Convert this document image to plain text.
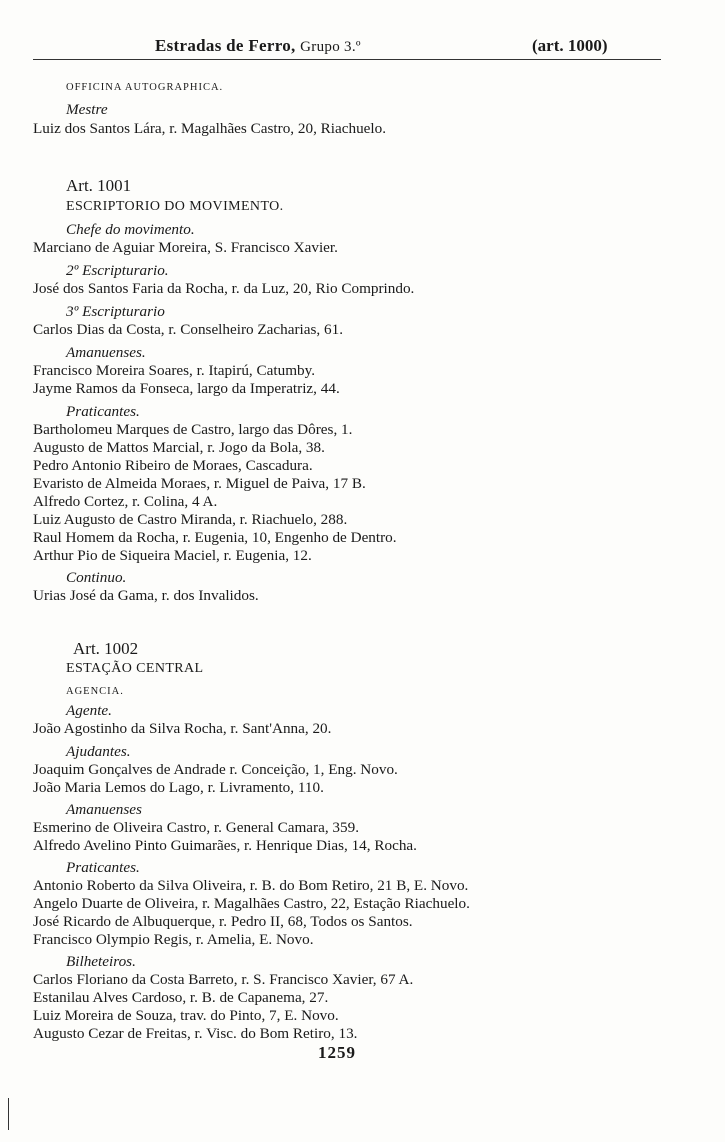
Estradas de Ferro, Grupo 3.º	(art. 1000)
OFFICINA AUTOGRAPHICA.
Mestre
Luiz dos Santos Lára, r. Magalhães Castro, 20, Riachuelo.
Art. 1001
ESCRIPTORIO DO MOVIMENTO.
Chefe do movimento.
Marciano de Aguiar Moreira, S. Francisco Xavier.
2º Escripturario.
José dos Santos Faria da Rocha, r. da Luz, 20, Rio Comprindo.
3º Escripturario
Carlos Dias da Costa, r. Conselheiro Zacharias, 61.
Amanuenses.
Francisco Moreira Soares, r. Itapirú, Catumby.
Jayme Ramos da Fonseca, largo da Imperatriz, 44.
Praticantes.
Bartholomeu Marques de Castro, largo das Dôres, 1.
Augusto de Mattos Marcial, r. Jogo da Bola, 38.
Pedro Antonio Ribeiro de Moraes, Cascadura.
Evaristo de Almeida Moraes, r. Miguel de Paiva, 17 B.
Alfredo Cortez, r. Colina, 4 A.
Luiz Augusto de Castro Miranda, r. Riachuelo, 288.
Raul Homem da Rocha, r. Eugenia, 10, Engenho de Dentro.
Arthur Pio de Siqueira Maciel, r. Eugenia, 12.
Continuo.
Urias José da Gama, r. dos Invalidos.
Art. 1002
ESTAÇÃO CENTRAL
AGENCIA.
Agente.
João Agostinho da Silva Rocha, r. Sant'Anna, 20.
Ajudantes.
Joaquim Gonçalves de Andrade r. Conceição, 1, Eng. Novo.
João Maria Lemos do Lago, r. Livramento, 110.
Amanuenses
Esmerino de Oliveira Castro, r. General Camara, 359.
Alfredo Avelino Pinto Guimarães, r. Henrique Dias, 14, Rocha.
Praticantes.
Antonio Roberto da Silva Oliveira, r. B. do Bom Retiro, 21 B, E. Novo.
Angelo Duarte de Oliveira, r. Magalhães Castro, 22, Estação Riachuelo.
José Ricardo de Albuquerque, r. Pedro II, 68, Todos os Santos.
Francisco Olympio Regis, r. Amelia, E. Novo.
Bilheteiros.
Carlos Floriano da Costa Barreto, r. S. Francisco Xavier, 67 A.
Estanilau Alves Cardoso, r. B. de Capanema, 27.
Luiz Moreira de Souza, trav. do Pinto, 7, E. Novo.
Augusto Cezar de Freitas, r. Visc. do Bom Retiro, 13.
1259
